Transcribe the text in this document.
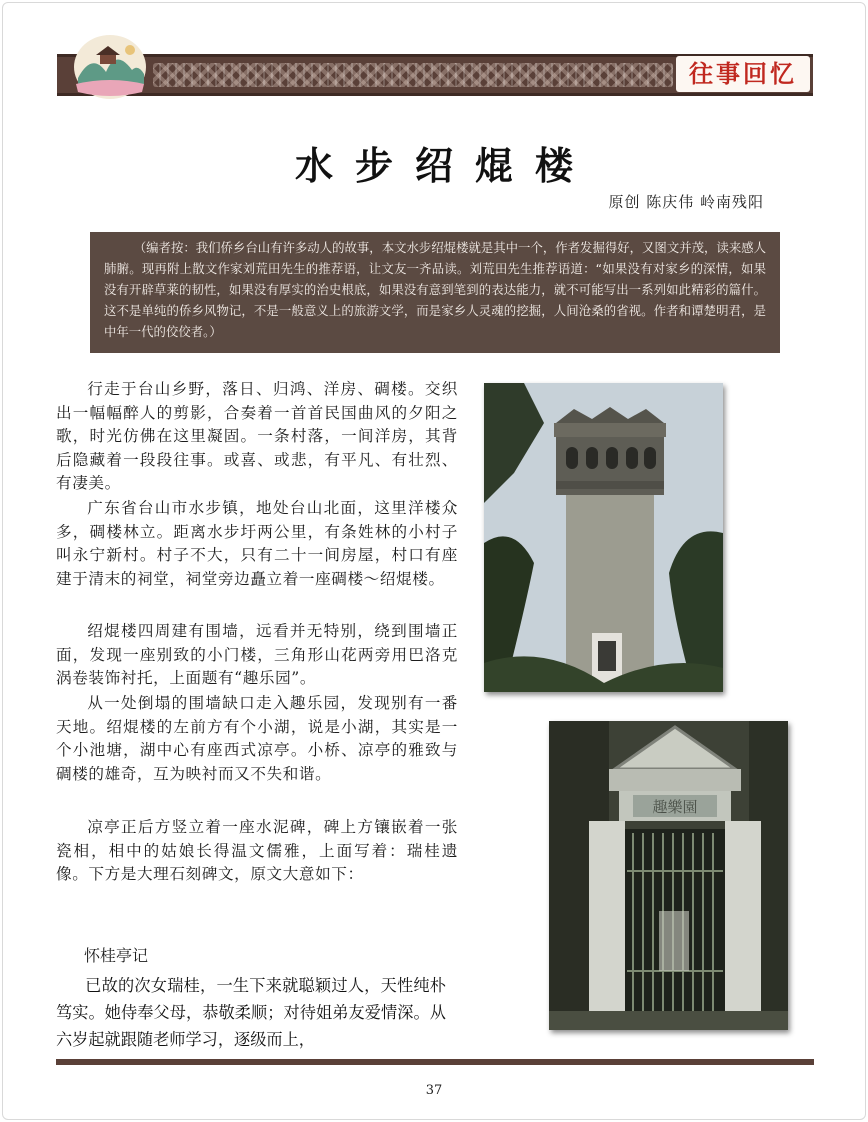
往事回忆
水步绍焜楼
原创 陈庆伟 岭南残阳
（编者按：我们侨乡台山有许多动人的故事，本文水步绍焜楼就是其中一个，作者发掘得好，又图文并茂，读来感人肺腑。现再附上散文作家刘荒田先生的推荐语，让文友一齐品读。刘荒田先生推荐语道：“如果没有对家乡的深情，如果没有开辟草莱的韧性，如果没有厚实的治史根底，如果没有意到笔到的表达能力，就不可能写出一系列如此精彩的篇什。这不是单纯的侨乡风物记，不是一般意义上的旅游文学，而是家乡人灵魂的挖掘，人间沧桑的省视。作者和谭楚明君，是中年一代的佼佼者。）

行走于台山乡野，落日、归鸿、洋房、碉楼。交织出一幅幅醉人的剪影，合奏着一首首民国曲风的夕阳之歌，时光仿佛在这里凝固。一条村落，一间洋房，其背后隐藏着一段段往事。或喜、或悲，有平凡、有壮烈、有凄美。

广东省台山市水步镇，地处台山北面，这里洋楼众多，碉楼林立。距离水步圩两公里，有条姓林的小村子叫永宁新村。村子不大，只有二十一间房屋，村口有座建于清末的祠堂，祠堂旁边矗立着一座碉楼～绍焜楼。

绍焜楼四周建有围墙，远看并无特别，绕到围墙正面，发现一座别致的小门楼，三角形山花两旁用巴洛克涡卷装饰衬托，上面题有“趣乐园”。

从一处倒塌的围墙缺口走入趣乐园，发现别有一番天地。绍焜楼的左前方有个小湖，说是小湖，其实是一个小池塘，湖中心有座西式凉亭。小桥、凉亭的雅致与碉楼的雄奇，互为映衬而又不失和谐。

凉亭正后方竖立着一座水泥碑，碑上方镶嵌着一张瓷相，相中的姑娘长得温文儒雅，上面写着：瑞桂遗像。下方是大理石刻碑文，原文大意如下：

怀桂亭记

已故的次女瑞桂，一生下来就聪颖过人，天性纯朴笃实。她侍奉父母，恭敬柔顺；对待姐弟友爱情深。从六岁起就跟随老师学习，逐级而上，

趣樂園
37
